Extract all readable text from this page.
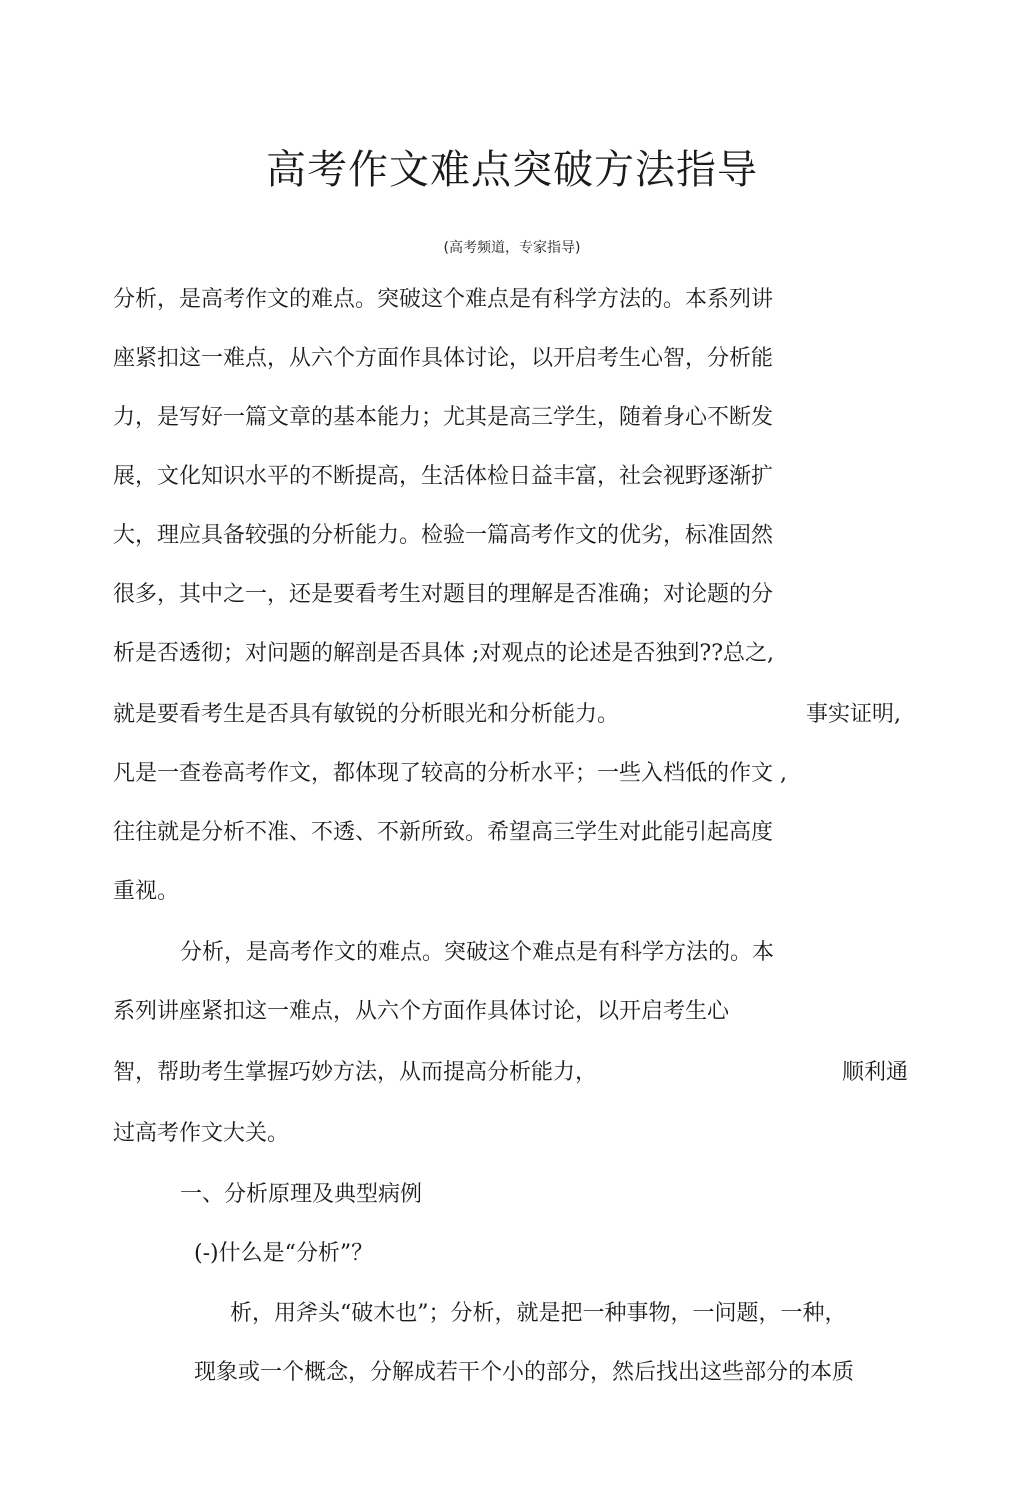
高考作文难点突破方法指导
(高考频道，专家指导)
分析，是高考作文的难点。突破这个难点是有科学方法的。本系列讲
座紧扣这一难点，从六个方面作具体讨论，以开启考生心智，分析能
力，是写好一篇文章的基本能力；尤其是高三学生，随着身心不断发
展，文化知识水平的不断提高，生活体检日益丰富，社会视野逐渐扩
大，理应具备较强的分析能力。检验一篇高考作文的优劣，标准固然
很多，其中之一，还是要看考生对题目的理解是否准确；对论题的分
析是否透彻；对问题的解剖是否具体 ;对观点的论述是否独到??总之,
就是要看考生是否具有敏锐的分析眼光和分析能力。	事实证明,
凡是一查卷高考作文，都体现了较高的分析水平；一些入档低的作文 ,
往往就是分析不准、不透、不新所致。希望高三学生对此能引起高度
重视。
分析，是高考作文的难点。突破这个难点是有科学方法的。本
系列讲座紧扣这一难点，从六个方面作具体讨论，以开启考生心
智，帮助考生掌握巧妙方法，从而提高分析能力，	顺利通
过高考作文大关。
一、分析原理及典型病例
(-)什么是“分析”？
析，用斧头“破木也”；分析，就是把一种事物，一问题，一种，
现象或一个概念，分解成若干个小的部分，然后找出这些部分的本质
